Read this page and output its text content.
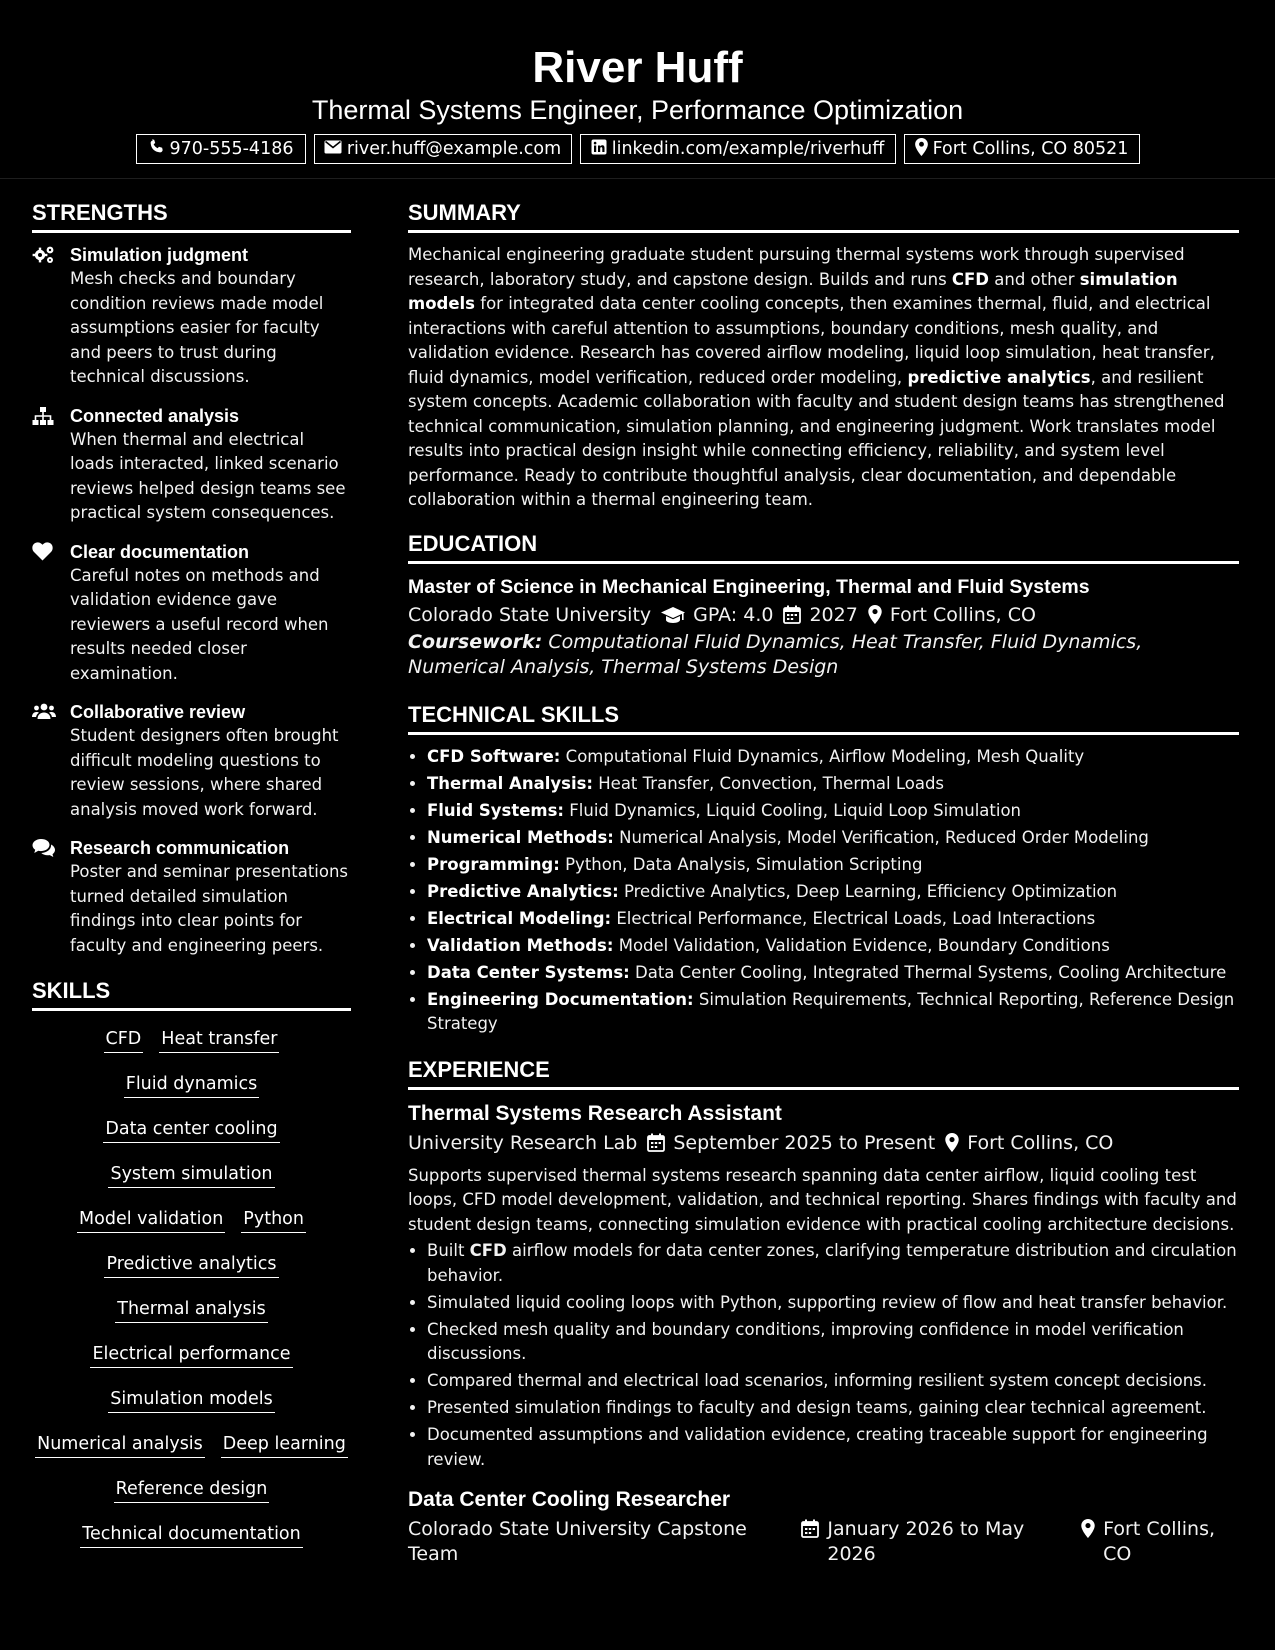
River Huff
Thermal Systems Engineer, Performance Optimization
970-555-4186	river.huff@example.com	linkedin.com/example/riverhuff	Fort Collins, CO 80521
STRENGTHS
Simulation judgment
Mesh checks and boundary condition reviews made model assumptions easier for faculty and peers to trust during technical discussions.
Connected analysis
When thermal and electrical loads interacted, linked scenario reviews helped design teams see practical system consequences.
Clear documentation
Careful notes on methods and validation evidence gave reviewers a useful record when results needed closer examination.
Collaborative review
Student designers often brought difficult modeling questions to review sessions, where shared analysis moved work forward.
Research communication
Poster and seminar presentations turned detailed simulation findings into clear points for faculty and engineering peers.
SKILLS
CFD Heat transfer
Fluid dynamics
Data center cooling
System simulation
Model validation Python
Predictive analytics
Thermal analysis
Electrical performance
Simulation models
Numerical analysis Deep learning
Reference design
Technical documentation
SUMMARY

Mechanical engineering graduate student pursuing thermal systems work through supervised research, laboratory study, and capstone design. Builds and runs CFD and other simulation models for integrated data center cooling concepts, then examines thermal, fluid, and electrical interactions with careful attention to assumptions, boundary conditions, mesh quality, and validation evidence. Research has covered airflow modeling, liquid loop simulation, heat transfer, fluid dynamics, model verification, reduced order modeling, predictive analytics, and resilient system concepts. Academic collaboration with faculty and student design teams has strengthened technical communication, simulation planning, and engineering judgment. Work translates model results into practical design insight while connecting efficiency, reliability, and system level performance. Ready to contribute thoughtful analysis, clear documentation, and dependable collaboration within a thermal engineering team.

EDUCATION
Master of Science in Mechanical Engineering, Thermal and Fluid Systems
Colorado State University GPA: 4.0 2027 Fort Collins, CO
Coursework: Computational Fluid Dynamics, Heat Transfer, Fluid Dynamics, Numerical Analysis, Thermal Systems Design
TECHNICAL SKILLS
• CFD Software: Computational Fluid Dynamics, Airflow Modeling, Mesh Quality
• Thermal Analysis: Heat Transfer, Convection, Thermal Loads
• Fluid Systems: Fluid Dynamics, Liquid Cooling, Liquid Loop Simulation
• Numerical Methods: Numerical Analysis, Model Verification, Reduced Order Modeling
• Programming: Python, Data Analysis, Simulation Scripting
• Predictive Analytics: Predictive Analytics, Deep Learning, Efficiency Optimization
• Electrical Modeling: Electrical Performance, Electrical Loads, Load Interactions
• Validation Methods: Model Validation, Validation Evidence, Boundary Conditions
• Data Center Systems: Data Center Cooling, Integrated Thermal Systems, Cooling Architecture
• Engineering Documentation: Simulation Requirements, Technical Reporting, Reference Design Strategy
EXPERIENCE
Thermal Systems Research Assistant
University Research Lab September 2025 to Present Fort Collins, CO

Supports supervised thermal systems research spanning data center airflow, liquid cooling test loops, CFD model development, validation, and technical reporting. Shares findings with faculty and student design teams, connecting simulation evidence with practical cooling architecture decisions.

• Built CFD airflow models for data center zones, clarifying temperature distribution and circulation behavior.
• Simulated liquid cooling loops with Python, supporting review of flow and heat transfer behavior.
• Checked mesh quality and boundary conditions, improving confidence in model verification discussions.
• Compared thermal and electrical load scenarios, informing resilient system concept decisions.
• Presented simulation findings to faculty and design teams, gaining clear technical agreement.
• Documented assumptions and validation evidence, creating traceable support for engineering review.
Data Center Cooling Researcher
Colorado State University Capstone Team
January 2026 to May 2026
Fort Collins, CO
